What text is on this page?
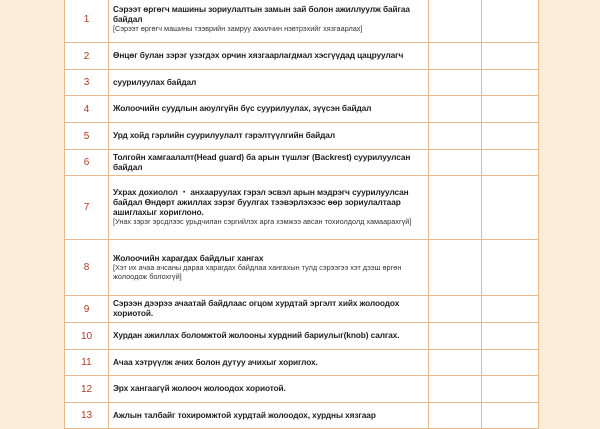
1	Сэрээт өргөгч машины зориулалтын замын зай болон ажиллуулж байгаа байдал
[Сэрээт өргөгч машины тээврийн замруу ажилчин нэвтрэхийг хязгаарлах]		

2	Өнцөг булан зэрэг үзэгдэх орчин хязгаарлагдмал хэсгүүдад цацруулагч		

3	суурилуулах байдал		

4	Жолоочийн суудлын аюулгүйн бүс суурилуулах, зүүсэн байдал		

5	Урд хойд гэрлийн суурилуулалт гэрэлтүүлгийн байдал		

6	Толгойн хамгаалалт(Head guard) ба арын түшлэг (Backrest) суурилуулсан байдал		

7	Ухрах дохиолол ・ анхааруулах гэрэл эсвэл арын мэдрэгч суурилуулсан байдал Өндөрт ажиллах зэрэг буулгах тээвэрлэхээс өөр зориулалтаар ашиглахыг хориглоно.
[Унах зэрэг эрсдлээс урьдчилан сэргийлэх арга хэмжээ авсан тохиолдолд хамаарахгүй]		

8	Жолоочийн харагдах байдлыг хангах
[Хэт их ачаа ачсаны дараа харагдах байдлаа хангахын тулд сэрээгээ хэт дээш өргөн жолоодож болохгүй]		

9	Сэрээн дээрээ ачаатай байдлаас огцом хурдтай эргэлт хийх жолоодох хориотой.		

10	Хурдан ажиллах боломжтой жолооны хурдний бариулыг(knob) салгах.		

11	Ачаа хэтрүүлж ачих болон дутуу ачихыг хориглох.		

12	Эрх хангаагүй жолооч жолоодох хориотой.		

13	Ажлын талбайг тохиромжтой хурдтай жолоодох, хурдны хязгаар		
